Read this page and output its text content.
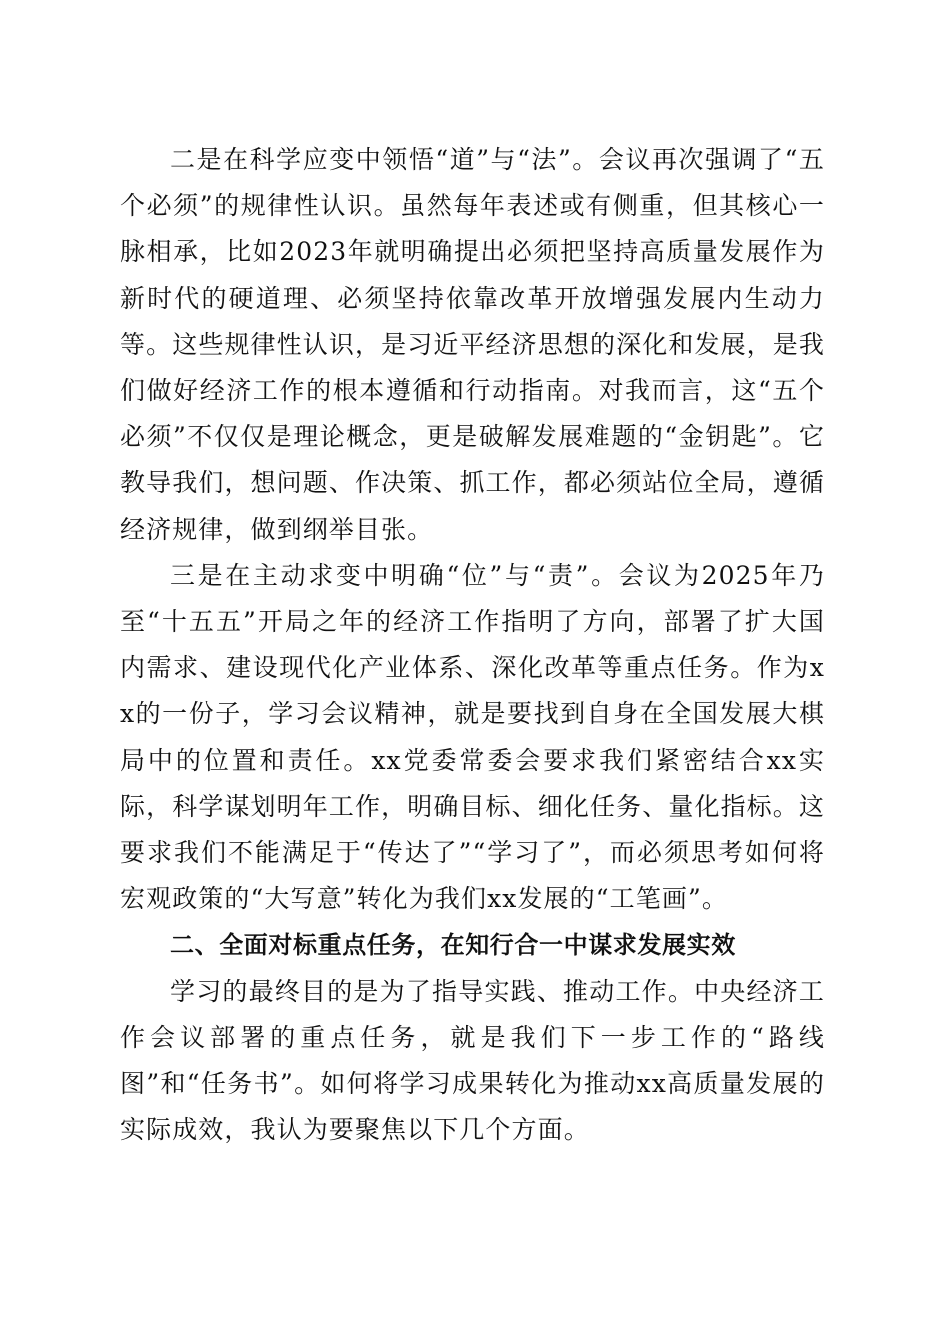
二是在科学应变中领悟“道”与“法”。会议再次强调了“五个必须”的规律性认识。虽然每年表述或有侧重，但其核心一脉相承，比如2023年就明确提出必须把坚持高质量发展作为新时代的硬道理、必须坚持依靠改革开放增强发展内生动力等。这些规律性认识，是习近平经济思想的深化和发展，是我们做好经济工作的根本遵循和行动指南。对我而言，这“五个必须”不仅仅是理论概念，更是破解发展难题的“金钥匙”。它教导我们，想问题、作决策、抓工作，都必须站位全局，遵循经济规律，做到纲举目张。

三是在主动求变中明确“位”与“责”。会议为2025年乃至“十五五”开局之年的经济工作指明了方向，部署了扩大国内需求、建设现代化产业体系、深化改革等重点任务。作为xx的一份子，学习会议精神，就是要找到自身在全国发展大棋局中的位置和责任。xx党委常委会要求我们紧密结合xx实际，科学谋划明年工作，明确目标、细化任务、量化指标。这要求我们不能满足于“传达了”“学习了”，而必须思考如何将宏观政策的“大写意”转化为我们xx发展的“工笔画”。

二、全面对标重点任务，在知行合一中谋求发展实效

学习的最终目的是为了指导实践、推动工作。中央经济工作会议部署的重点任务，就是我们下一步工作的“路线图”和“任务书”。如何将学习成果转化为推动xx高质量发展的实际成效，我认为要聚焦以下几个方面。
